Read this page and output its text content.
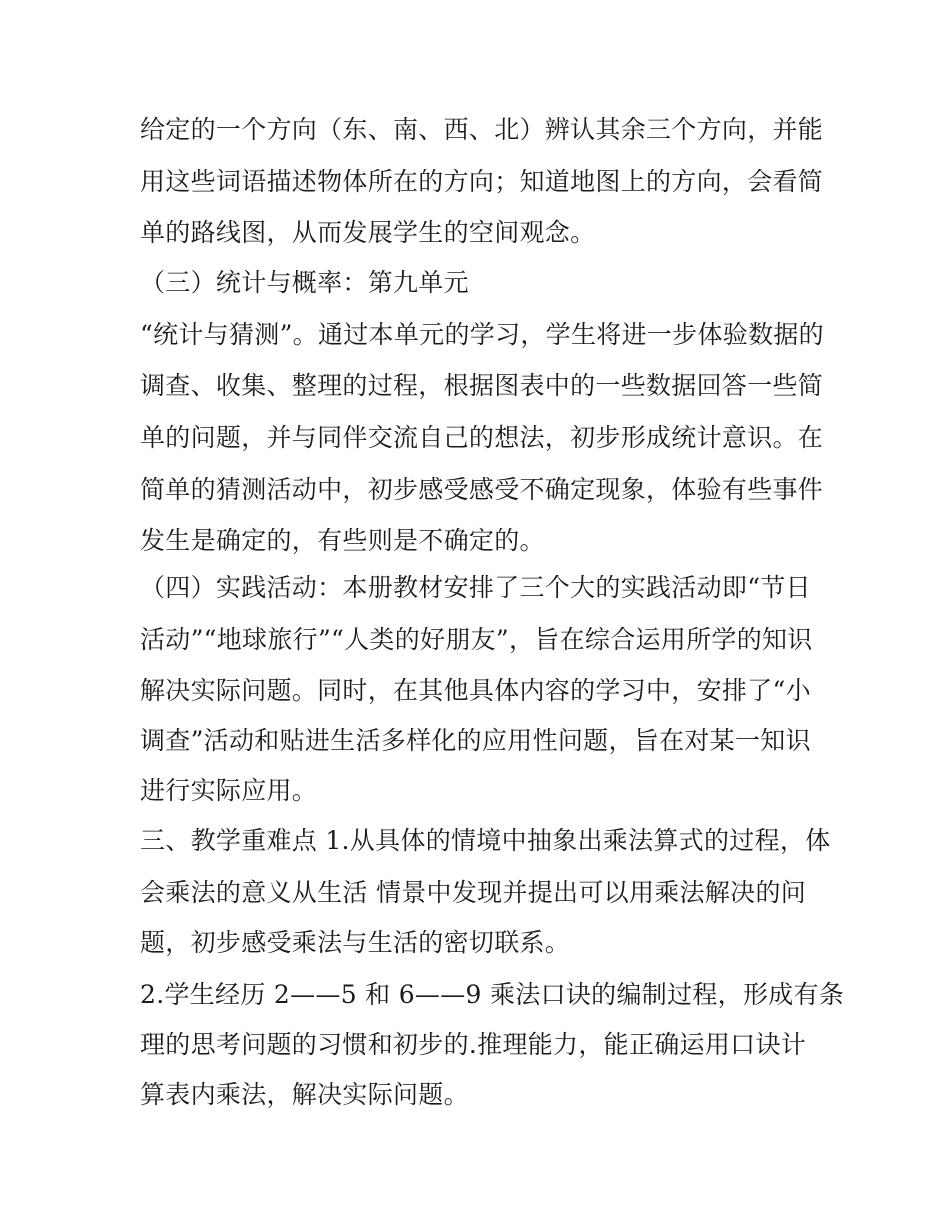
给定的一个方向（东、南、西、北）辨认其余三个方向，并能
用这些词语描述物体所在的方向；知道地图上的方向，会看简
单的路线图，从而发展学生的空间观念。
（三）统计与概率：第九单元
“统计与猜测”。通过本单元的学习，学生将进一步体验数据的
调查、收集、整理的过程，根据图表中的一些数据回答一些简
单的问题，并与同伴交流自己的想法，初步形成统计意识。在
简单的猜测活动中，初步感受感受不确定现象，体验有些事件
发生是确定的，有些则是不确定的。
（四）实践活动：本册教材安排了三个大的实践活动即“节日
活动”“地球旅行”“人类的好朋友”，旨在综合运用所学的知识
解决实际问题。同时，在其他具体内容的学习中，安排了“小
调查”活动和贴进生活多样化的应用性问题，旨在对某一知识
进行实际应用。
三、教学重难点 1.从具体的情境中抽象出乘法算式的过程，体
会乘法的意义从生活 情景中发现并提出可以用乘法解决的问
题，初步感受乘法与生活的密切联系。
2.学生经历 2——5 和 6——9 乘法口诀的编制过程，形成有条
理的思考问题的习惯和初步的.推理能力，能正确运用口诀计
算表内乘法，解决实际问题。
